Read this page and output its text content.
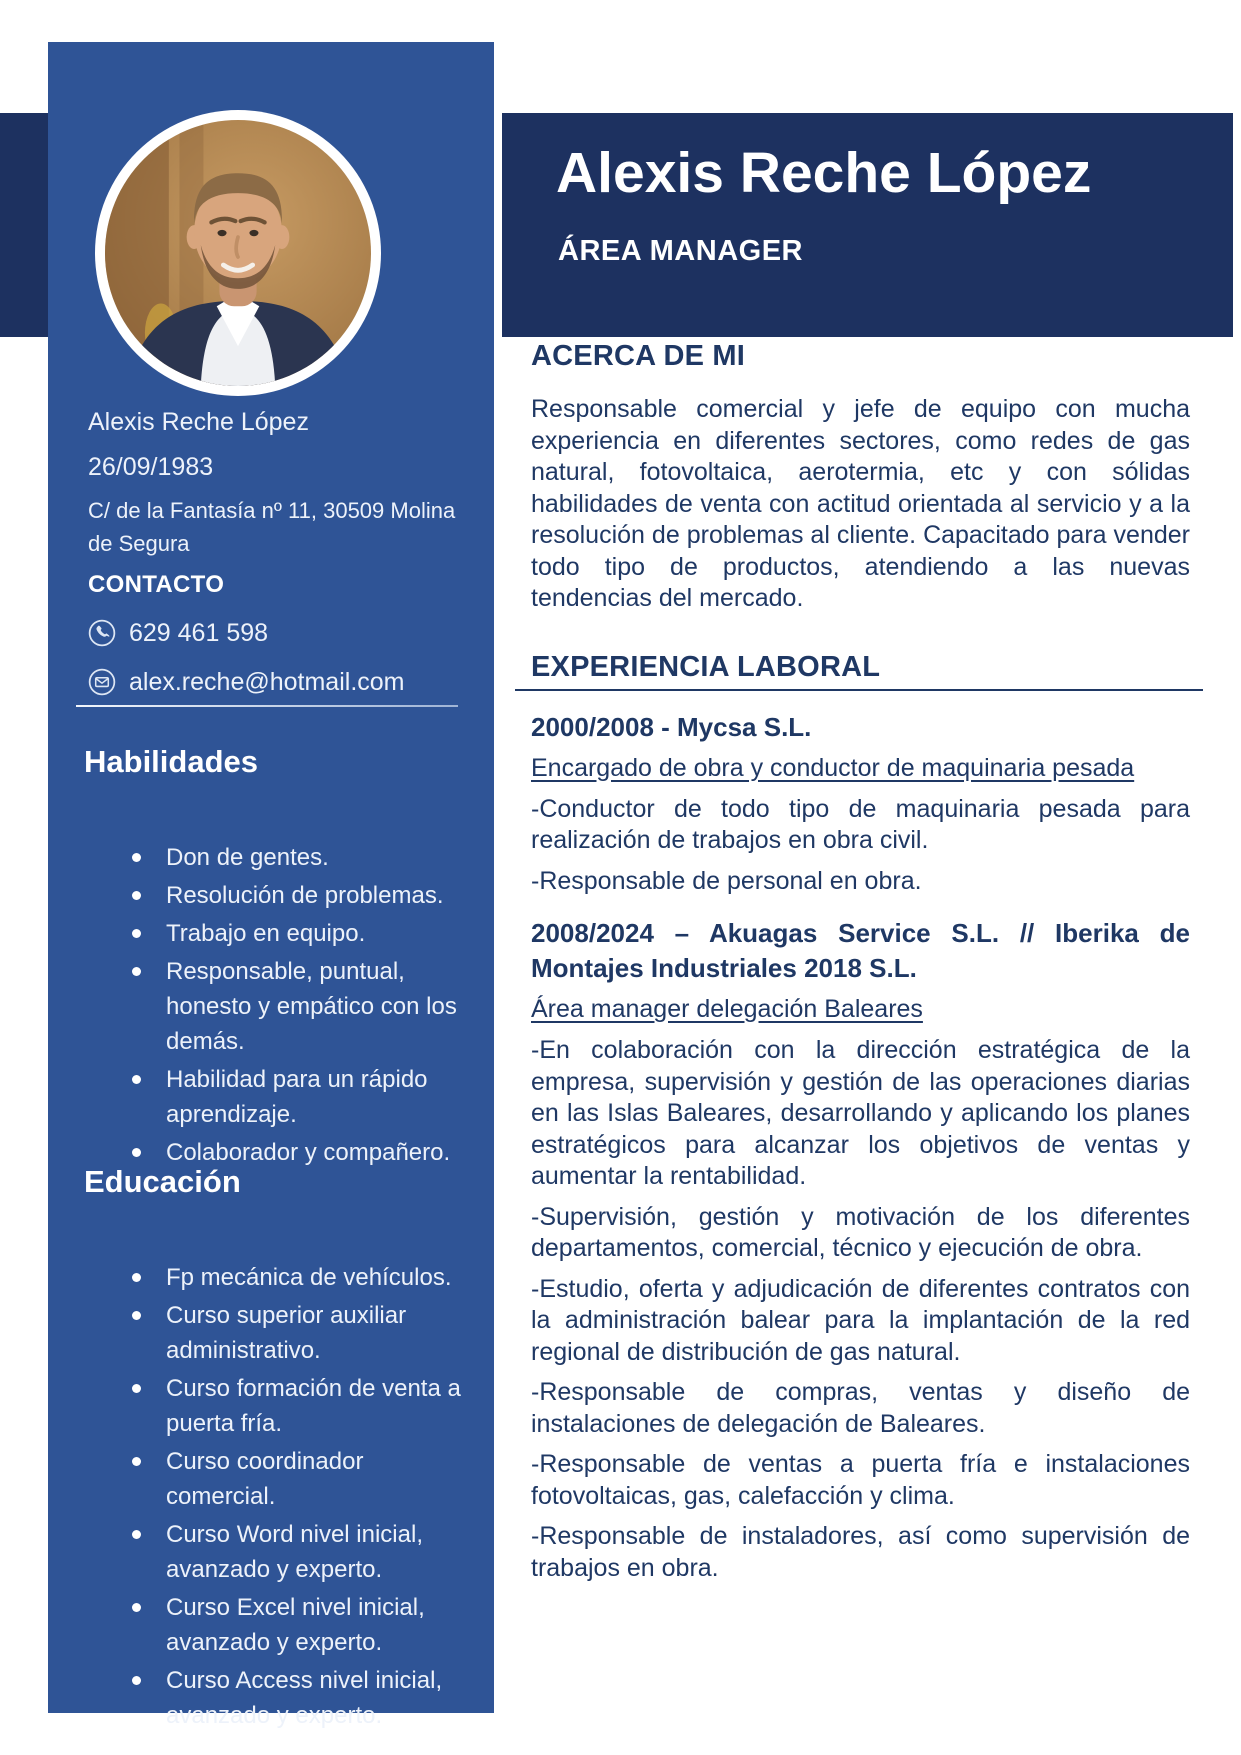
Alexis Reche López
ÁREA MANAGER
Alexis Reche López
26/09/1983
C/ de la Fantasía nº 11, 30509 Molina de Segura
CONTACTO
629 461 598
alex.reche@hotmail.com
Habilidades
Don de gentes.
Resolución de problemas.
Trabajo en equipo.
Responsable, puntual, honesto y empático con los demás.
Habilidad para un rápido aprendizaje.
Colaborador y compañero.
Educación
Fp mecánica de vehículos.
Curso superior auxiliar administrativo.
Curso formación de venta a puerta fría.
Curso coordinador comercial.
Curso Word nivel inicial, avanzado y experto.
Curso Excel nivel inicial, avanzado y experto.
Curso Access nivel inicial, avanzado y experto.
ACERCA DE MI
Responsable comercial y jefe de equipo con mucha experiencia en diferentes sectores, como redes de gas natural, fotovoltaica, aerotermia, etc y con sólidas habilidades de venta con actitud orientada al servicio y a la resolución de problemas al cliente. Capacitado para vender todo tipo de productos, atendiendo a las nuevas tendencias del mercado.
EXPERIENCIA LABORAL
2000/2008 - Mycsa S.L.
Encargado de obra y conductor de maquinaria pesada

-Conductor de todo tipo de maquinaria pesada para realización de trabajos en obra civil.

-Responsable de personal en obra.

2008/2024 – Akuagas Service S.L. // Iberika de
Montajes Industriales 2018 S.L.
Área manager delegación Baleares

-En colaboración con la dirección estratégica de la empresa, supervisión y gestión de las operaciones diarias en las Islas Baleares, desarrollando y aplicando los planes estratégicos para alcanzar los objetivos de ventas y aumentar la rentabilidad.

-Supervisión, gestión y motivación de los diferentes departamentos, comercial, técnico y ejecución de obra.

-Estudio, oferta y adjudicación de diferentes contratos con la administración balear para la implantación de la red regional de distribución de gas natural.

-Responsable de compras, ventas y diseño de instalaciones de delegación de Baleares.

-Responsable de ventas a puerta fría e instalaciones fotovoltaicas, gas, calefacción y clima.

-Responsable de instaladores, así como supervisión de trabajos en obra.
